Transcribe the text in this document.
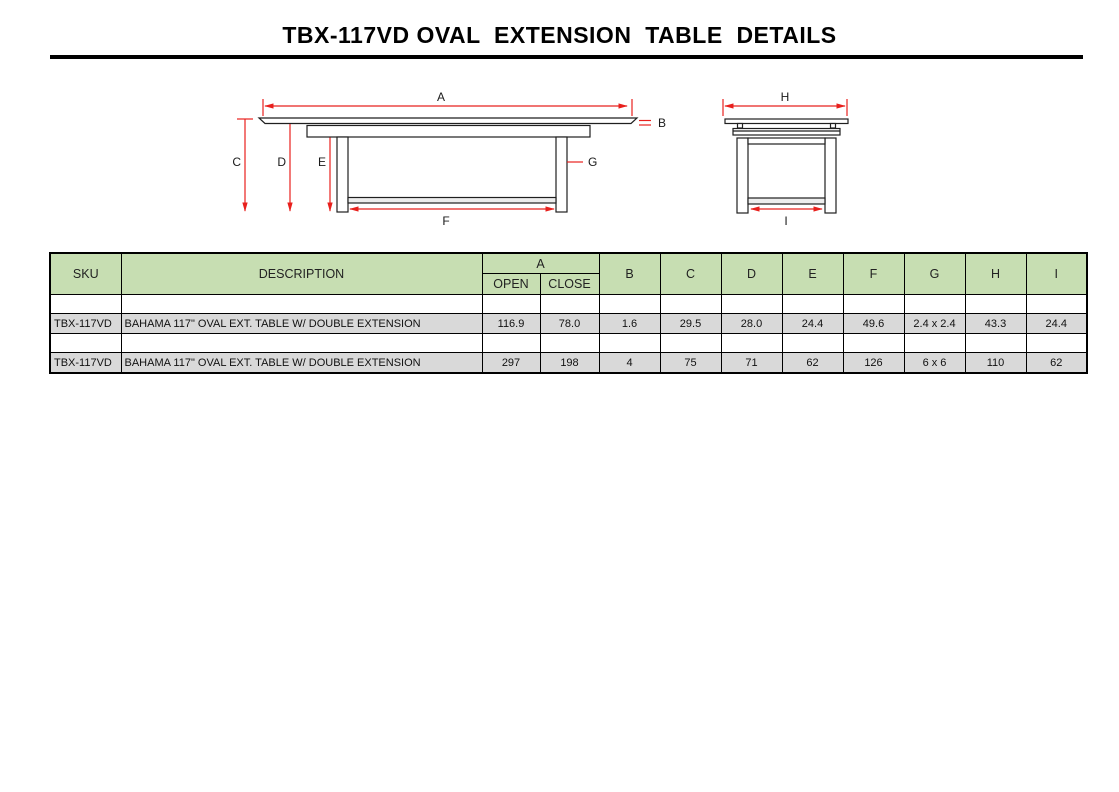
TBX-117VD OVAL  EXTENSION  TABLE  DETAILS
A
B
C	D	E
F
G
H
I
SKU	DESCRIPTION	A		B	C	D	E	F	G	H	I
		OPEN	CLOSE								

TBX-117VD	BAHAMA 117" OVAL EXT. TABLE W/ DOUBLE EXTENSION	116.9	78.0	1.6	29.5	28.0	24.4	49.6	2.4 x 2.4	43.3	24.4

TBX-117VD	BAHAMA 117" OVAL EXT. TABLE W/ DOUBLE EXTENSION	297	198	4	75	71	62	126	6 x 6	110	62
